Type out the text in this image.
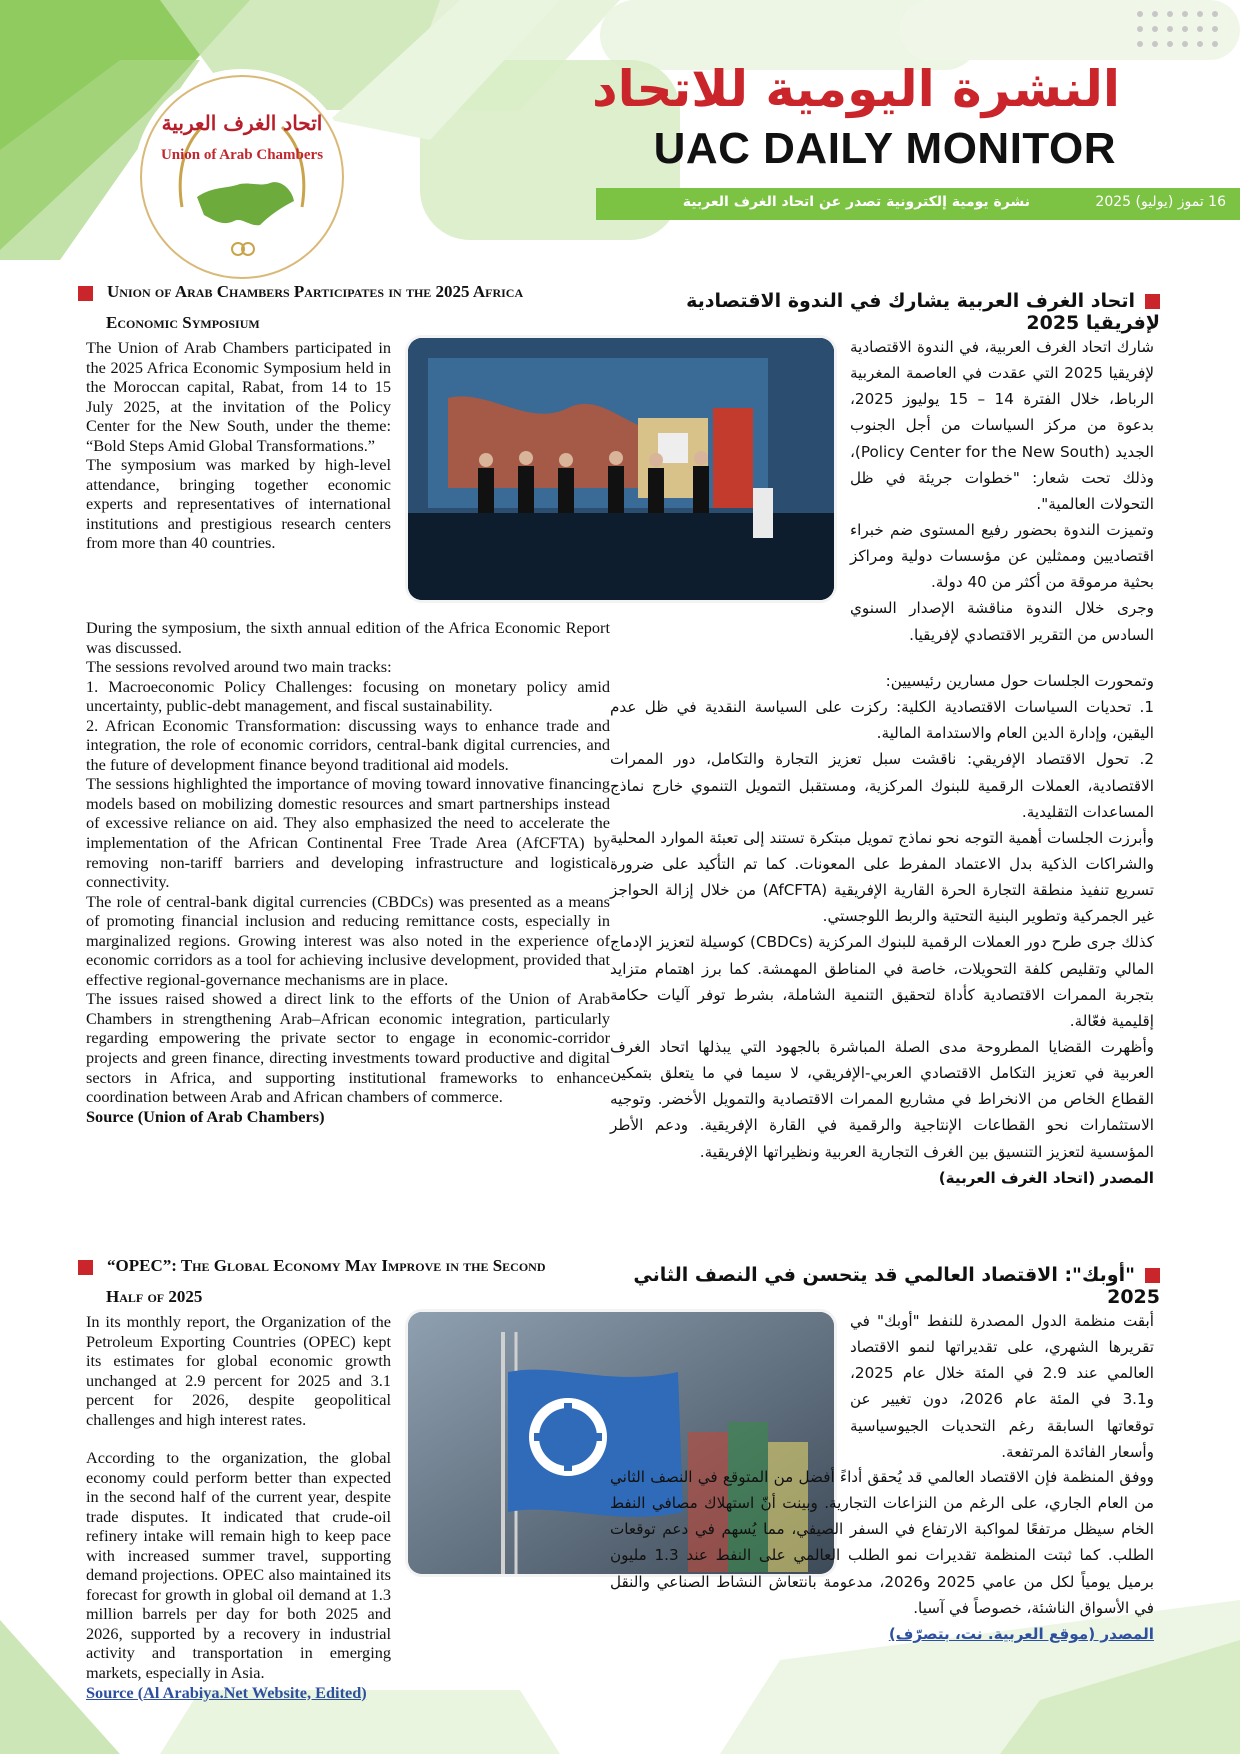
اتحاد الغرف العربية
Union of Arab Chambers
النشرة اليومية للاتحاد
UAC DAILY MONITOR
16 تموز (يوليو) 2025
نشرة يومية إلكترونية تصدر عن اتحاد الغرف العربية
Union of Arab Chambers Participates in the 2025 Africa
Economic Symposium
اتحاد الغرف العربية يشارك في الندوة الاقتصادية لإفريقيا 2025

The Union of Arab Chambers participated in the 2025 Africa Economic Symposium held in the Moroccan capital, Rabat, from 14 to 15 July 2025, at the invitation of the Policy Center for the New South, under the theme: “Bold Steps Amid Global Transformations.”

The symposium was marked by high-level attendance, bringing together economic experts and representatives of international institutions and prestigious research centers from more than 40 countries.

During the symposium, the sixth annual edition of the Africa Economic Report was discussed.

The sessions revolved around two main tracks:

1. Macroeconomic Policy Challenges: focusing on monetary policy amid uncertainty, public-debt management, and fiscal sustainability.

2. African Economic Transformation: discussing ways to enhance trade and integration, the role of economic corridors, central-bank digital currencies, and the future of development finance beyond traditional aid models.

The sessions highlighted the importance of moving toward innovative financing models based on mobilizing domestic resources and smart partnerships instead of excessive reliance on aid. They also emphasized the need to accelerate the implementation of the African Continental Free Trade Area (AfCFTA) by removing non-tariff barriers and developing infrastructure and logistical connectivity.

The role of central-bank digital currencies (CBDCs) was presented as a means of promoting financial inclusion and reducing remittance costs, especially in marginalized regions. Growing interest was also noted in the experience of economic corridors as a tool for achieving inclusive development, provided that effective regional-governance mechanisms are in place.

The issues raised showed a direct link to the efforts of the Union of Arab Chambers in strengthening Arab–African economic integration, particularly regarding empowering the private sector to engage in economic-corridor projects and green finance, directing investments toward productive and digital sectors in Africa, and supporting institutional frameworks to enhance coordination between Arab and African chambers of commerce.

Source (Union of Arab Chambers)

شارك اتحاد الغرف العربية، في الندوة الاقتصادية لإفريقيا 2025 التي عقدت في العاصمة المغربية الرباط، خلال الفترة 14 – 15 يوليوز 2025، بدعوة من مركز السياسات من أجل الجنوب الجديد (Policy Center for the New South)، وذلك تحت شعار: "خطوات جريئة في ظل التحولات العالمية".

وتميزت الندوة بحضور رفيع المستوى ضم خبراء اقتصاديين وممثلين عن مؤسسات دولية ومراكز بحثية مرموقة من أكثر من 40 دولة.

وجرى خلال الندوة مناقشة الإصدار السنوي السادس من التقرير الاقتصادي لإفريقيا.

وتمحورت الجلسات حول مسارين رئيسيين:

1. تحديات السياسات الاقتصادية الكلية: ركزت على السياسة النقدية في ظل عدم اليقين، وإدارة الدين العام والاستدامة المالية.

2. تحول الاقتصاد الإفريقي: ناقشت سبل تعزيز التجارة والتكامل، دور الممرات الاقتصادية، العملات الرقمية للبنوك المركزية، ومستقبل التمويل التنموي خارج نماذج المساعدات التقليدية.

وأبرزت الجلسات أهمية التوجه نحو نماذج تمويل مبتكرة تستند إلى تعبئة الموارد المحلية والشراكات الذكية بدل الاعتماد المفرط على المعونات. كما تم التأكيد على ضرورة تسريع تنفيذ منطقة التجارة الحرة القارية الإفريقية (AfCFTA) من خلال إزالة الحواجز غير الجمركية وتطوير البنية التحتية والربط اللوجستي.

كذلك جرى طرح دور العملات الرقمية للبنوك المركزية (CBDCs) كوسيلة لتعزيز الإدماج المالي وتقليص كلفة التحويلات، خاصة في المناطق المهمشة. كما برز اهتمام متزايد بتجربة الممرات الاقتصادية كأداة لتحقيق التنمية الشاملة، بشرط توفر آليات حكامة إقليمية فعّالة.

وأظهرت القضايا المطروحة مدى الصلة المباشرة بالجهود التي يبذلها اتحاد الغرف العربية في تعزيز التكامل الاقتصادي العربي-الإفريقي، لا سيما في ما يتعلق بتمكين القطاع الخاص من الانخراط في مشاريع الممرات الاقتصادية والتمويل الأخضر. وتوجيه الاستثمارات نحو القطاعات الإنتاجية والرقمية في القارة الإفريقية. ودعم الأطر المؤسسية لتعزيز التنسيق بين الغرف التجارية العربية ونظيراتها الإفريقية.

المصدر (اتحاد الغرف العربية)

“OPEC”: The Global Economy May Improve in the Second
Half of 2025
"أوبك": الاقتصاد العالمي قد يتحسن في النصف الثاني 2025

In its monthly report, the Organization of the Petroleum Exporting Countries (OPEC) kept its estimates for global economic growth unchanged at 2.9 percent for 2025 and 3.1 percent for 2026, despite geopolitical challenges and high interest rates.

According to the organization, the global economy could perform better than expected in the second half of the current year, despite trade disputes. It indicated that crude-oil refinery intake will remain high to keep pace with increased summer travel, supporting demand projections. OPEC also maintained its forecast for growth in global oil demand at 1.3 million barrels per day for both 2025 and 2026, supported by a recovery in industrial activity and transportation in emerging markets, especially in Asia.

Source (Al Arabiya.Net Website, Edited)

أبقت منظمة الدول المصدرة للنفط "أوبك" في تقريرها الشهري، على تقديراتها لنمو الاقتصاد العالمي عند 2.9 في المئة خلال عام 2025، و3.1 في المئة عام 2026، دون تغيير عن توقعاتها السابقة رغم التحديات الجيوسياسية وأسعار الفائدة المرتفعة.

ووفق المنظمة فإن الاقتصاد العالمي قد يُحقق أداءً أفضل من المتوقع في النصف الثاني من العام الجاري، على الرغم من النزاعات التجارية. وبينت أنّ استهلاك مصافي النفط الخام سيظل مرتفعًا لمواكبة الارتفاع في السفر الصيفي، مما يُسهم في دعم توقعات الطلب. كما ثبتت المنظمة تقديرات نمو الطلب العالمي على النفط عند 1.3 مليون برميل يومياً لكل من عامي 2025 و2026، مدعومة بانتعاش النشاط الصناعي والنقل في الأسواق الناشئة، خصوصاً في آسيا.

المصدر (موقع العربية. نت، بتصرّف)
